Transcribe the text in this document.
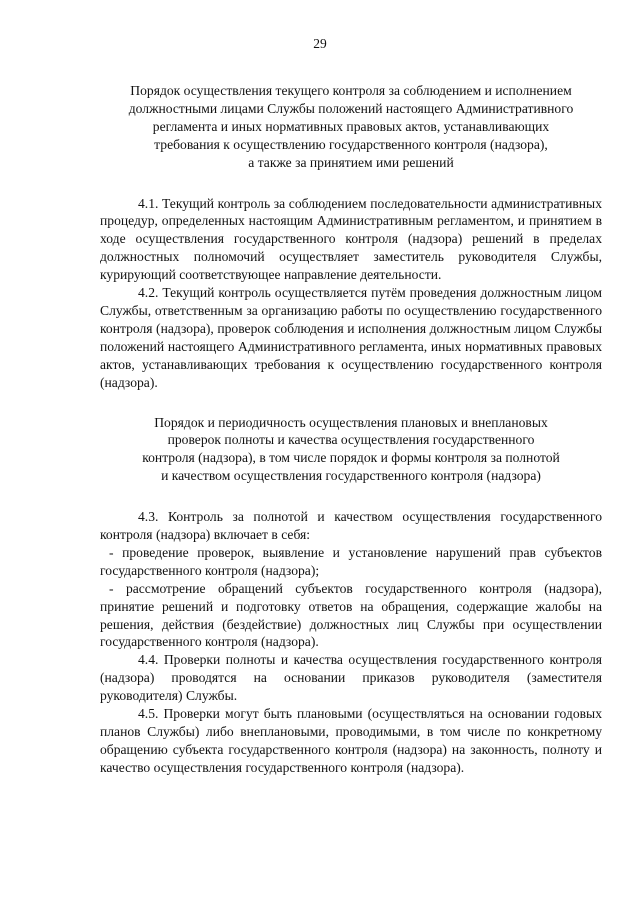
29
Порядок осуществления текущего контроля за соблюдением и исполнением
должностными лицами Службы положений настоящего Административного
регламента и иных нормативных правовых актов, устанавливающих
требования к осуществлению государственного контроля (надзора),
а также за принятием ими решений

4.1. Текущий контроль за соблюдением последовательности административных процедур, определенных настоящим Административным регламентом, и принятием в ходе осуществления государственного контроля (надзора) решений в пределах должностных полномочий осуществляет заместитель руководителя Службы, курирующий соответствующее направление деятельности.

4.2. Текущий контроль осуществляется путём проведения должностным лицом Службы, ответственным за организацию работы по осуществлению государственного контроля (надзора), проверок соблюдения и исполнения должностным лицом Службы положений настоящего Административного регламента, иных нормативных правовых актов, устанавливающих требования к осуществлению государственного контроля (надзора).

Порядок и периодичность осуществления плановых и внеплановых
проверок полноты и качества осуществления государственного
контроля (надзора), в том числе порядок и формы контроля за полнотой
и качеством осуществления государственного контроля (надзора)

4.3. Контроль за полнотой и качеством осуществления государственного контроля (надзора) включает в себя:

- проведение проверок, выявление и установление нарушений прав субъектов государственного контроля (надзора);

- рассмотрение обращений субъектов государственного контроля (надзора), принятие решений и подготовку ответов на обращения, содержащие жалобы на решения, действия (бездействие) должностных лиц Службы при осуществлении государственного контроля (надзора).

4.4. Проверки полноты и качества осуществления государственного контроля (надзора) проводятся на основании приказов руководителя (заместителя руководителя) Службы.

4.5. Проверки могут быть плановыми (осуществляться на основании годовых планов Службы) либо внеплановыми, проводимыми, в том числе по конкретному обращению субъекта государственного контроля (надзора) на законность, полноту и качество осуществления государственного контроля (надзора).
